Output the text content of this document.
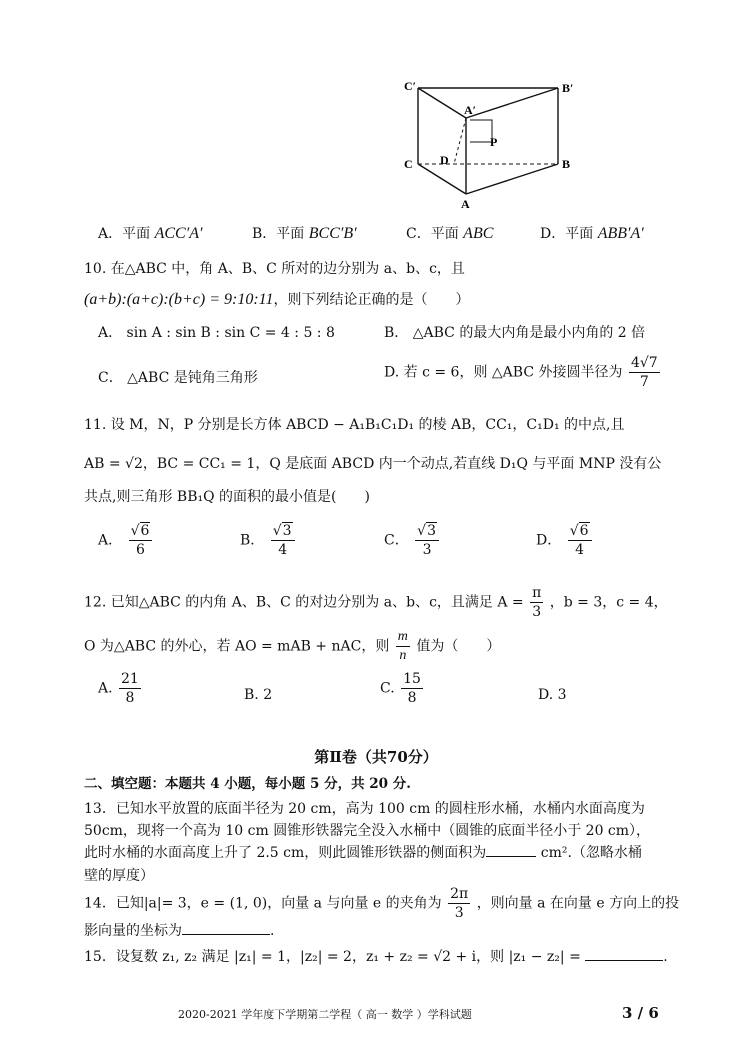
C′	B′
A′
P
C D	B
A
A．平面 ACC′A′	B．平面 BCC′B′	C．平面 ABC	D．平面 ABB′A′
10. 在△ABC 中，角 A、B、C 所对的边分别为 a、b、c，且
(a+b):(a+c):(b+c) = 9:10:11，则下列结论正确的是（　　）
A． sin A : sin B : sin C = 4 : 5 : 8	B． △ABC 的最大内角是最小内角的 2 倍
C． △ABC 是钝角三角形	D. 若 c = 6，则 △ABC 外接圆半径为 $\frac{4√7}{7}$
11. 设 M，N，P 分别是长方体 ABCD − A₁B₁C₁D₁ 的棱 AB，CC₁，C₁D₁ 的中点,且
AB = √2，BC = CC₁ = 1，Q 是底面 ABCD 内一个动点,若直线 D₁Q 与平面 MNP 没有公
共点,则三角形 BB₁Q 的面积的最小值是(　　)
A． $\frac{√6}{6}$	B． $\frac{√3}{4}$	C． $\frac{√3}{3}$	D． $\frac{√6}{4}$
12. 已知△ABC 的内角 A、B、C 的对边分别为 a、b、c，且满足 $A = \frac{\pi}{3}$ ，b = 3，c = 4，
O 为△ABC 的外心，若 AO = mAB + nAC，则 $\frac{m}{n}$ 值为（　　）
A. $\frac{21}{8}$	B. 2	C. $\frac{15}{8}$	D. 3
第Ⅱ卷（共70分）
二、填空题：本题共 4 小题，每小题 5 分，共 20 分.
13．已知水平放置的底面半径为 20 cm，高为 100 cm 的圆柱形水桶，水桶内水面高度为
50cm，现将一个高为 10 cm 圆锥形铁器完全没入水桶中（圆锥的底面半径小于 20 cm），
此时水桶的水面高度上升了 2.5 cm，则此圆锥形铁器的侧面积为	cm².（忽略水桶
壁的厚度）
14．已知|a|= 3，e = (1, 0)，向量 a 与向量 e 的夹角为 $\frac{2\pi}{3}$ ，则向量 a 在向量 e 方向上的投
影向量的坐标为	.
15．设复数 z₁, z₂ 满足 |z₁| = 1，|z₂| = 2，z₁ + z₂ = √2 + i，则 |z₁ − z₂| =	.
2020-2021 学年度下学期第二学程（ 高一 数学 ）学科试题	3 / 6
